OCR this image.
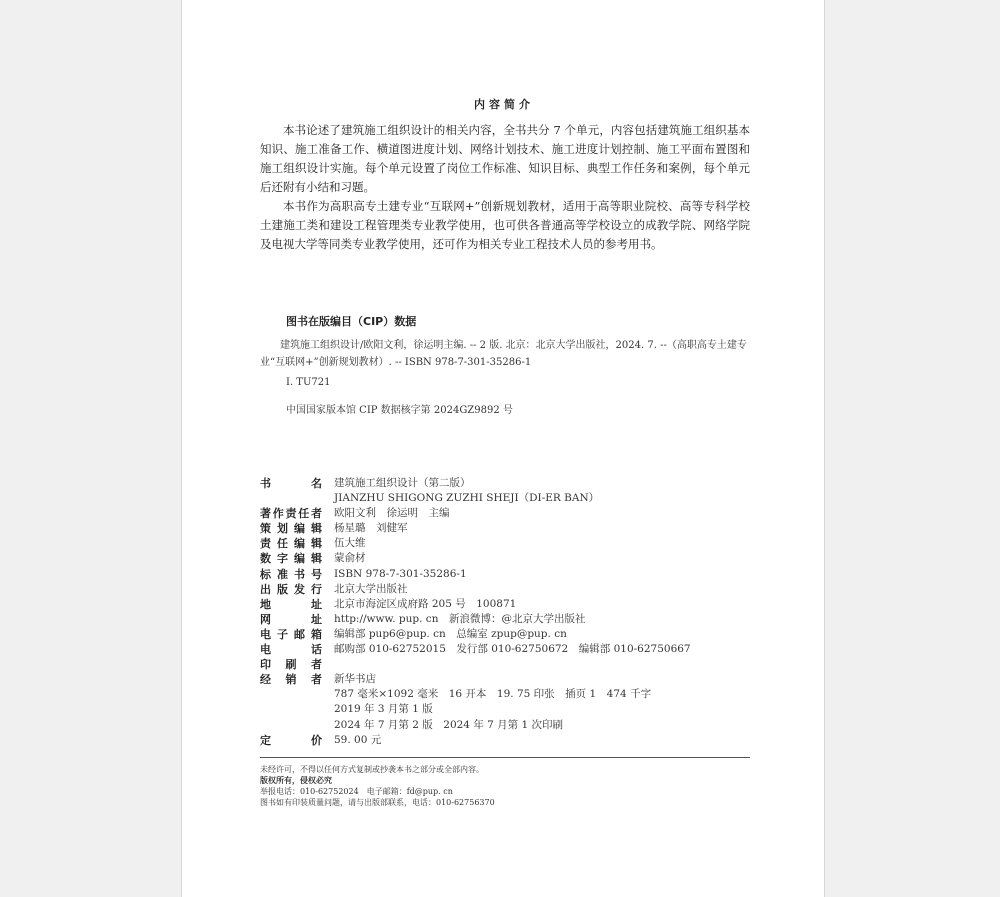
内容简介

本书论述了建筑施工组织设计的相关内容，全书共分 7 个单元，内容包括建筑施工组织基本知识、施工准备工作、横道图进度计划、网络计划技术、施工进度计划控制、施工平面布置图和施工组织设计实施。每个单元设置了岗位工作标准、知识目标、典型工作任务和案例，每个单元后还附有小结和习题。

本书作为高职高专土建专业“互联网+”创新规划教材，适用于高等职业院校、高等专科学校土建施工类和建设工程管理类专业教学使用，也可供各普通高等学校设立的成教学院、网络学院及电视大学等同类专业教学使用，还可作为相关专业工程技术人员的参考用书。

图书在版编目（CIP）数据

建筑施工组织设计/欧阳文利，徐运明主编. -- 2 版. 北京：北京大学出版社，2024. 7. --（高职高专土建专业“互联网+”创新规划教材）. -- ISBN 978-7-301-35286-1

Ⅰ. TU721
中国国家版本馆 CIP 数据核字第 2024GZ9892 号
书	名 建筑施工组织设计（第二版）
JIANZHU SHIGONG ZUZHI SHEJI（DI-ER BAN）
著 作 责 任 者 欧阳文利　徐运明　主编
策 划 编 辑 杨星璐　刘健军
责 任 编 辑 伍大维
数 字 编 辑 蒙俞材
标 准 书 号 ISBN 978-7-301-35286-1
出 版 发 行 北京大学出版社
地	址 北京市海淀区成府路 205 号　100871
网	址 http://www. pup. cn　新浪微博：@北京大学出版社
电 子 邮 箱 编辑部 pup6@pup. cn　总编室 zpup@pup. cn
电	话 邮购部 010-62752015　发行部 010-62750672　编辑部 010-62750667
印 刷 者
经 销 者 新华书店
787 毫米×1092 毫米　16 开本　19. 75 印张　插页 1　474 千字
2019 年 3 月第 1 版
2024 年 7 月第 2 版　2024 年 7 月第 1 次印刷
定	价 59. 00 元
未经许可，不得以任何方式复制或抄袭本书之部分或全部内容。
版权所有，侵权必究
举报电话：010-62752024　电子邮箱：fd@pup. cn
图书如有印装质量问题，请与出版部联系，电话：010-62756370
